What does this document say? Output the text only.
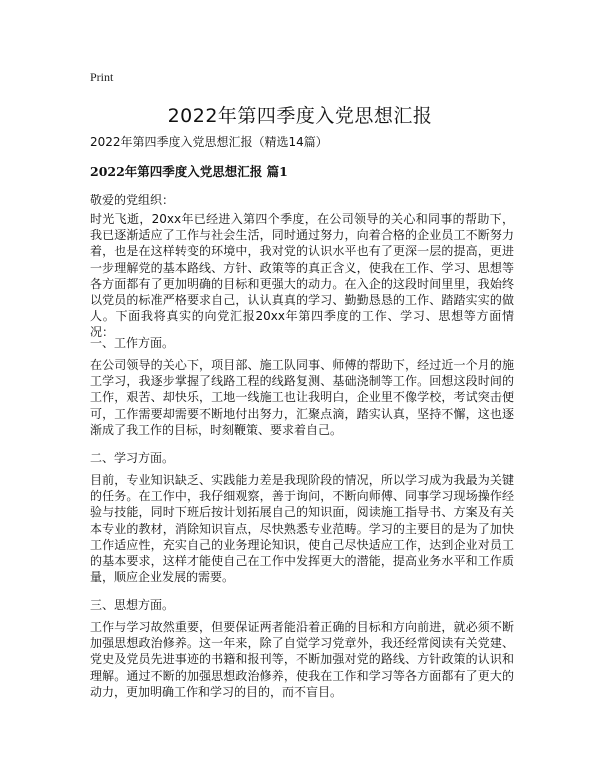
Print
2022年第四季度入党思想汇报
2022年第四季度入党思想汇报（精选14篇）
2022年第四季度入党思想汇报 篇1
敬爱的党组织：

时光飞逝，20xx年已经进入第四个季度，在公司领导的关心和同事的帮助下，我已逐渐适应了工作与社会生活，同时通过努力，向着合格的企业员工不断努力着，也是在这样转变的环境中，我对党的认识水平也有了更深一层的提高，更进一步理解党的基本路线、方针、政策等的真正含义，使我在工作、学习、思想等各方面都有了更加明确的目标和更强大的动力。在入企的这段时间里里，我始终以党员的标准严格要求自己，认认真真的学习、勤勤恳恳的工作、踏踏实实的做人。下面我将真实的向党汇报20xx年第四季度的工作、学习、思想等方面情况：

一、工作方面。

在公司领导的关心下，项目部、施工队同事、师傅的帮助下，经过近一个月的施工学习，我逐步掌握了线路工程的线路复测、基础浇制等工作。回想这段时间的工作，艰苦、却快乐，工地一线施工也让我明白，企业里不像学校，考试突击便可，工作需要却需要不断地付出努力，汇聚点滴，踏实认真，坚持不懈，这也逐渐成了我工作的目标，时刻鞭策、要求着自己。

二、学习方面。

目前，专业知识缺乏、实践能力差是我现阶段的情况，所以学习成为我最为关键的任务。在工作中，我仔细观察，善于询问，不断向师傅、同事学习现场操作经验与技能，同时下班后按计划拓展自己的知识面，阅读施工指导书、方案及有关本专业的教材，消除知识盲点，尽快熟悉专业范畴。学习的主要目的是为了加快工作适应性，充实自己的业务理论知识，使自己尽快适应工作，达到企业对员工的基本要求，这样才能使自己在工作中发挥更大的潜能，提高业务水平和工作质量，顺应企业发展的需要。

三、思想方面。

工作与学习故然重要，但要保证两者能沿着正确的目标和方向前进，就必须不断加强思想政治修养。这一年来，除了自觉学习党章外，我还经常阅读有关党建、党史及党员先进事迹的书籍和报刊等，不断加强对党的路线、方针政策的认识和理解。通过不断的加强思想政治修养，使我在工作和学习等各方面都有了更大的动力，更加明确工作和学习的目的，而不盲目。
